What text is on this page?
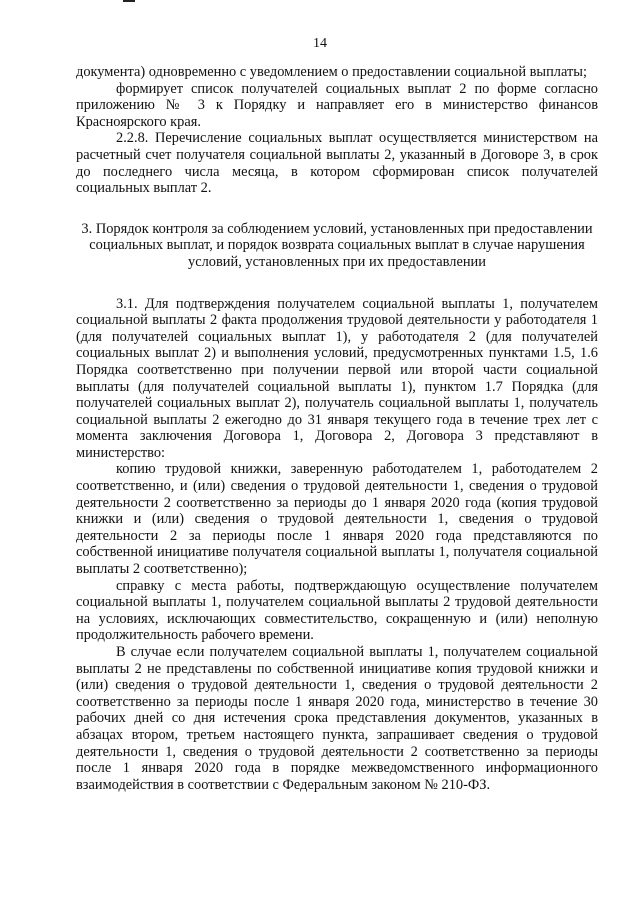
14

документа) одновременно с уведомлением о предоставлении социальной выплаты;

формирует список получателей социальных выплат 2 по форме согласно приложению № 3 к Порядку и направляет его в министерство финансов Красноярского края.

2.2.8. Перечисление социальных выплат осуществляется министерством на расчетный счет получателя социальной выплаты 2, указанный в Договоре 3, в срок до последнего числа месяца, в котором сформирован список получателей социальных выплат 2.

3. Порядок контроля за соблюдением условий, установленных при предоставлении социальных выплат, и порядок возврата социальных выплат в случае нарушения условий, установленных при их предоставлении

3.1. Для подтверждения получателем социальной выплаты 1, получателем социальной выплаты 2 факта продолжения трудовой деятельности у работодателя 1 (для получателей социальных выплат 1), у работодателя 2 (для получателей социальных выплат 2) и выполнения условий, предусмотренных пунктами 1.5, 1.6 Порядка соответственно при получении первой или второй части социальной выплаты (для получателей социальной выплаты 1), пунктом 1.7 Порядка (для получателей социальных выплат 2), получатель социальной выплаты 1, получатель социальной выплаты 2 ежегодно до 31 января текущего года в течение трех лет с момента заключения Договора 1, Договора 2, Договора 3 представляют в министерство:

копию трудовой книжки, заверенную работодателем 1, работодателем 2 соответственно, и (или) сведения о трудовой деятельности 1, сведения о трудовой деятельности 2 соответственно за периоды до 1 января 2020 года (копия трудовой книжки и (или) сведения о трудовой деятельности 1, сведения о трудовой деятельности 2 за периоды после 1 января 2020 года представляются по собственной инициативе получателя социальной выплаты 1, получателя социальной выплаты 2 соответственно);

справку с места работы, подтверждающую осуществление получателем социальной выплаты 1, получателем социальной выплаты 2 трудовой деятельности на условиях, исключающих совместительство, сокращенную и (или) неполную продолжительность рабочего времени.

В случае если получателем социальной выплаты 1, получателем социальной выплаты 2 не представлены по собственной инициативе копия трудовой книжки и (или) сведения о трудовой деятельности 1, сведения о трудовой деятельности 2 соответственно за периоды после 1 января 2020 года, министерство в течение 30 рабочих дней со дня истечения срока представления документов, указанных в абзацах втором, третьем настоящего пункта, запрашивает сведения о трудовой деятельности 1, сведения о трудовой деятельности 2 соответственно за периоды после 1 января 2020 года в порядке межведомственного информационного взаимодействия в соответствии с Федеральным законом № 210-ФЗ.
